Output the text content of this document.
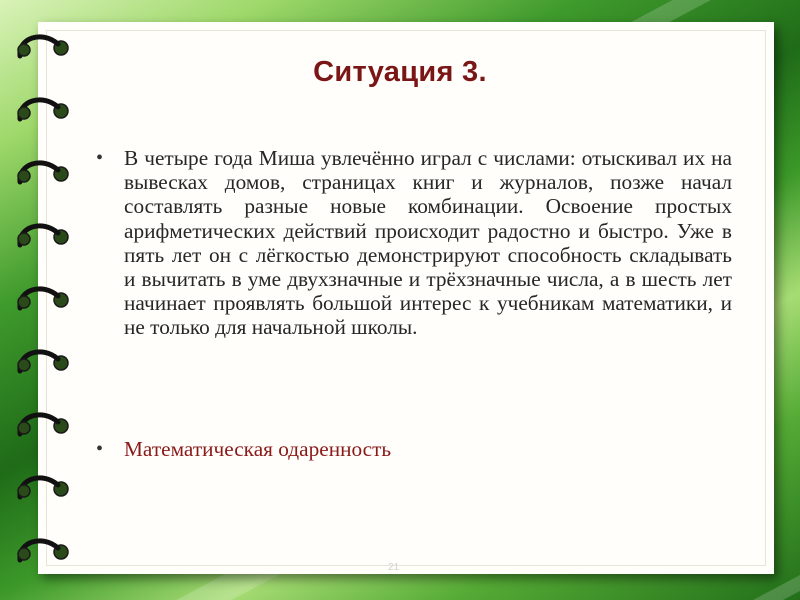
Ситуация 3.
• В четыре года Миша увлечённо играл с числами: отыскивал их на вывесках домов, страницах книг и журналов, позже начал составлять разные новые комбинации. Освоение простых арифметических действий происходит радостно и быстро. Уже в пять лет он с лёгкостью демонстрируют способность складывать и вычитать в уме двухзначные и трёхзначные числа, а в шесть лет начинает проявлять большой интерес к учебникам математики, и не только для начальной школы.
• Математическая одаренность
21
